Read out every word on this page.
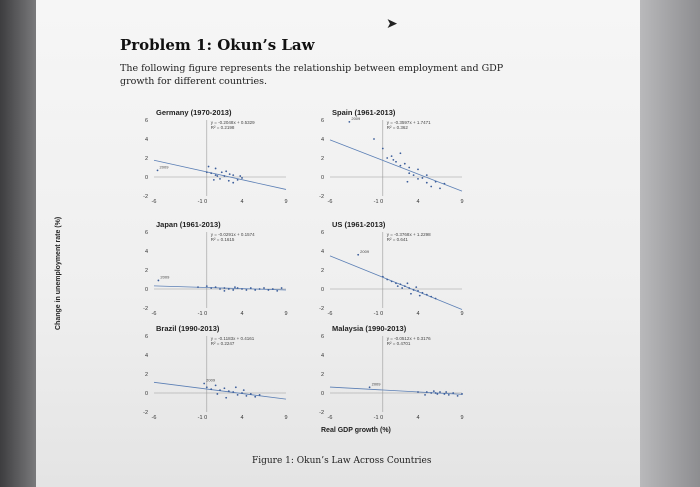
➤
Problem 1: Okun’s Law
The following figure represents the relationship between employment and GDP growth for different countries.
Germany (1970-2013)
6
4
2
0
-2
-6	-1 0	4	9
y = -0.2048x + 0.5329
R² = 0.2198
2009
Spain (1961-2013)
6
4
2
0
-2
-6	-1 0	4	9
y = -0.3597x + 1.7471
R² = 0.362
2009
Japan (1961-2013)
6
4
2
0
-2
-6	-1 0	4	9
y = -0.0291x + 0.1574
R² = 0.1615
2009
US (1961-2013)
6
4
2
0
-2
-6	-1 0	4	9
y = -0.3768x + 1.2298
R² = 0.641
2009
Brazil (1990-2013)
6
4
2
0
-2
-6	-1 0	4	9
y = -0.1183x + 0.4161
R² = 0.2247
2009
Malaysia (1990-2013)
6
4
2
0
-2
-6	-1 0	4	9
y = -0.0512x + 0.3176
R² = 0.4701
2009
Change in unemployment rate (%)
Real GDP growth (%)
Figure 1: Okun’s Law Across Countries
